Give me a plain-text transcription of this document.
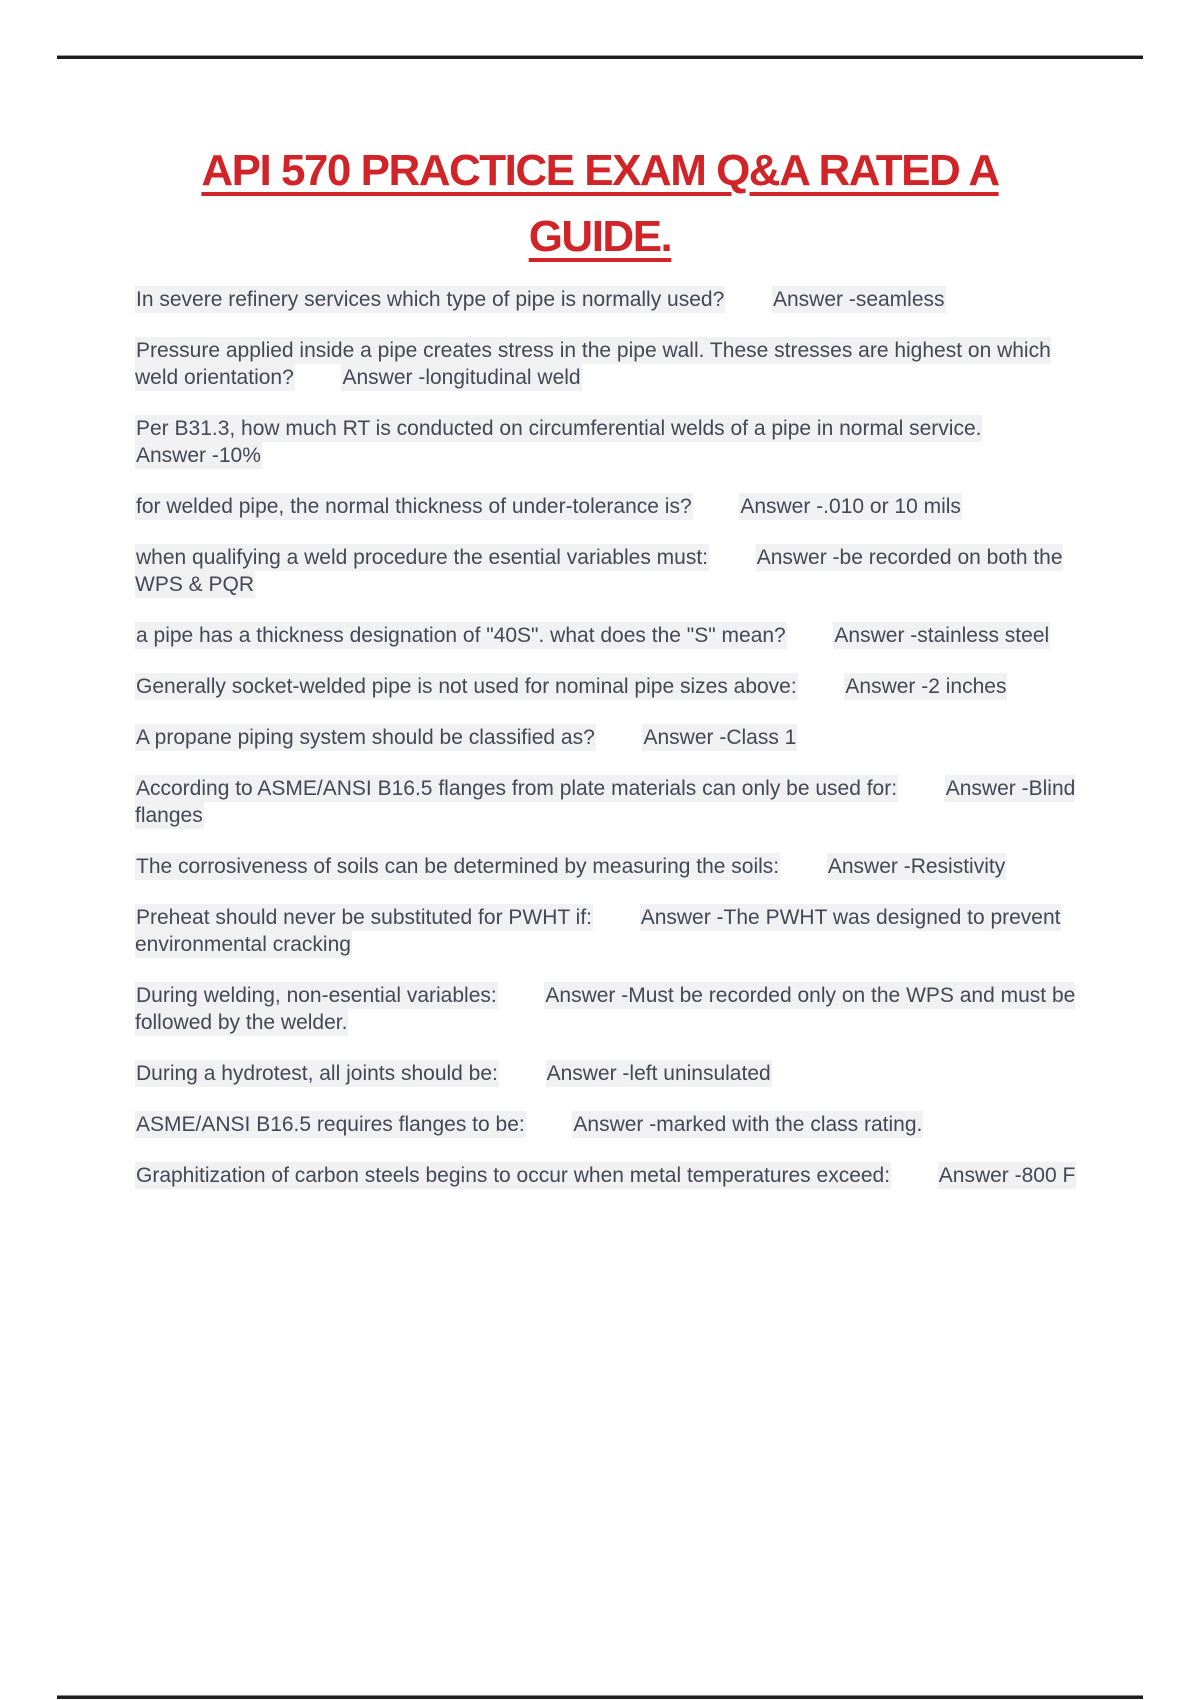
API 570 PRACTICE EXAM Q&A RATED A
GUIDE.

In severe refinery services which type of pipe is normally used? Answer -seamless

Pressure applied inside a pipe creates stress in the pipe wall. These stresses are highest on which weld orientation? Answer -longitudinal weld

Per B31.3, how much RT is conducted on circumferential welds of a pipe in normal service.        Answer -10%

for welded pipe, the normal thickness of under-tolerance is? Answer -.010 or 10 mils

when qualifying a weld procedure the esential variables must: Answer -be recorded on both the WPS & PQR

a pipe has a thickness designation of "40S". what does the "S" mean? Answer -stainless steel

Generally socket-welded pipe is not used for nominal pipe sizes above: Answer -2 inches

A propane piping system should be classified as? Answer -Class 1

According to ASME/ANSI B16.5 flanges from plate materials can only be used for: Answer -Blind flanges

The corrosiveness of soils can be determined by measuring the soils: Answer -Resistivity

Preheat should never be substituted for PWHT if: Answer -The PWHT was designed to prevent environmental cracking

During welding, non-esential variables: Answer -Must be recorded only on the WPS and must be followed by the welder.

During a hydrotest, all joints should be: Answer -left uninsulated

ASME/ANSI B16.5 requires flanges to be: Answer -marked with the class rating.

Graphitization of carbon steels begins to occur when metal temperatures exceed: Answer -800 F
